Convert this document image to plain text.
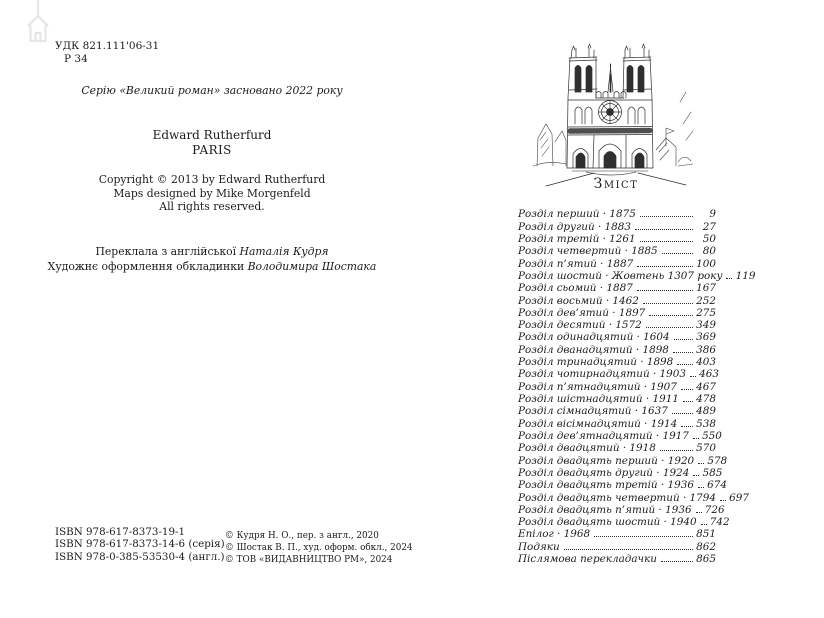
УДК 821.111'06-31
Р 34
Серію «Великий роман» засновано 2022 року
Edward Rutherfurd
PARIS
Copyright © 2013 by Edward Rutherfurd
Maps designed by Mike Morgenfeld
All rights reserved.
Переклала з англійської Наталія Кудря
Художнє оформлення обкладинки Володимира Шостака
ISBN 978-617-8373-19-1
ISBN 978-617-8373-14-6 (серія)
ISBN 978-0-385-53530-4 (англ.)
© Кудря Н. О., пер. з англ., 2020
© Шостак В. П., худ. оформ. обкл., 2024
© ТОВ «ВИДАВНИЦТВО РМ», 2024
Зміст
Розділ перший · 1875	9
Розділ другий · 1883	27
Розділ третій · 1261	50
Розділ четвертий · 1885	80
Розділ п’ятий · 1887	100
Розділ шостий · Жовтень 1307 року 119
Розділ сьомий · 1887	167
Розділ восьмий · 1462	252
Розділ дев’ятий · 1897	275
Розділ десятий · 1572	349
Розділ одинадцятий · 1604	369
Розділ дванадцятий · 1898	386
Розділ тринадцятий · 1898 403
Розділ чотирнадцятий · 1903 463
Розділ п’ятнадцятий · 1907 467
Розділ шістнадцятий · 1911 478
Розділ сімнадцятий · 1637	489
Розділ вісімнадцятий · 1914 538
Розділ дев’ятнадцятий · 1917 550
Розділ двадцятий · 1918	570
Розділ двадцять перший · 1920 578
Розділ двадцять другий · 1924 585
Розділ двадцять третій · 1936 674
Розділ двадцять четвертий · 1794 697
Розділ двадцять п’ятий · 1936 726
Розділ двадцять шостий · 1940 742
Епілог · 1968	851
Подяки	862
Післямова перекладачки	865
